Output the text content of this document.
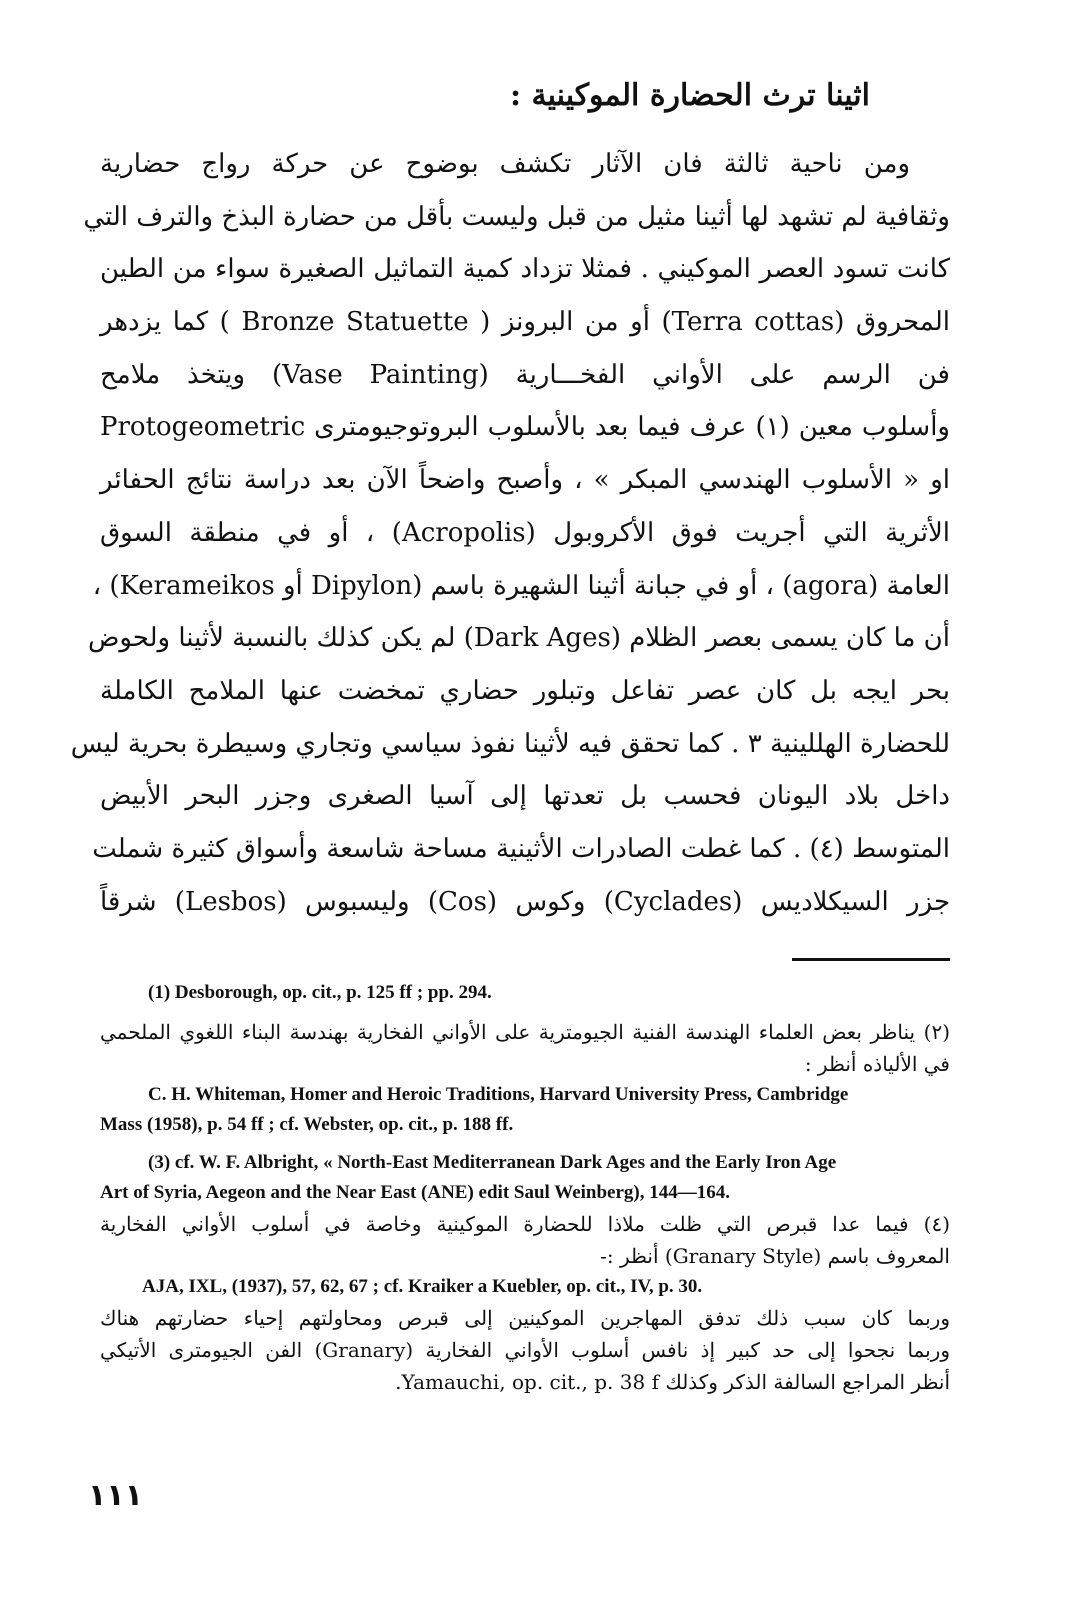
اثينا ترث الحضارة الموكينية :
ومن ناحية ثالثة فان الآثار تكشف بوضوح عن حركة رواج حضارية
وثقافية لم تشهد لها أثينا مثيل من قبل وليست بأقل من حضارة البذخ والترف التي
كانت تسود العصر الموكيني . فمثلا تزداد كمية التماثيل الصغيرة سواء من الطين
المحروق (Terra cottas) أو من البرونز ( Bronze Statuette ) كما يزدهر
فن الرسم على الأواني الفخـــارية (Vase Painting) ويتخذ ملامح
وأسلوب معين (١) عرف فيما بعد بالأسلوب البروتوجيومترى Protogeometric
او « الأسلوب الهندسي المبكر » ، وأصبح واضحاً الآن بعد دراسة نتائج الحفائر
الأثرية التي أجريت فوق الأكروبول (Acropolis) ، أو في منطقة السوق
العامة (agora) ، أو في جبانة أثينا الشهيرة باسم (Dipylon أو Kerameikos) ،
أن ما كان يسمى بعصر الظلام (Dark Ages) لم يكن كذلك بالنسبة لأثينا ولحوض
بحر ايجه بل كان عصر تفاعل وتبلور حضاري تمخضت عنها الملامح الكاملة
للحضارة الهللينية ٣ . كما تحقق فيه لأثينا نفوذ سياسي وتجاري وسيطرة بحرية ليس
داخل بلاد اليونان فحسب بل تعدتها إلى آسيا الصغرى وجزر البحر الأبيض
المتوسط (٤) . كما غطت الصادرات الأثينية مساحة شاسعة وأسواق كثيرة شملت
جزر السيكلاديس (Cyclades) وكوس (Cos) وليسبوس (Lesbos) شرقاً
(1) Desborough, op. cit., p. 125 ff ; pp. 294.
(٢) يناظر بعض العلماء الهندسة الفنية الجيومترية على الأواني الفخارية بهندسة البناء اللغوي الملحمي
في الألياذه أنظر :
C. H. Whiteman, Homer and Heroic Traditions, Harvard University Press, Cambridge
Mass (1958), p. 54 ff ; cf. Webster, op. cit., p. 188 ff.
(3) cf. W. F. Albright, « North-East Mediterranean Dark Ages and the Early Iron Age
Art of Syria, Aegeon and the Near East (ANE) edit Saul Weinberg), 144—164.
(٤) فيما عدا قبرص التي ظلت ملاذا للحضارة الموكينية وخاصة في أسلوب الأواني الفخارية
المعروف باسم (Granary Style) أنظر :-
AJA, IXL, (1937), 57, 62, 67 ; cf. Kraiker a Kuebler, op. cit., IV, p. 30.
وربما كان سبب ذلك تدفق المهاجرين الموكينين إلى قبرص ومحاولتهم إحياء حضارتهم هناك
وربما نجحوا إلى حد كبير إذ نافس أسلوب الأواني الفخارية (Granary) الفن الجيومترى الأتيكي
أنظر المراجع السالفة الذكر وكذلك Yamauchi, op. cit., p. 38 f.
١١١
